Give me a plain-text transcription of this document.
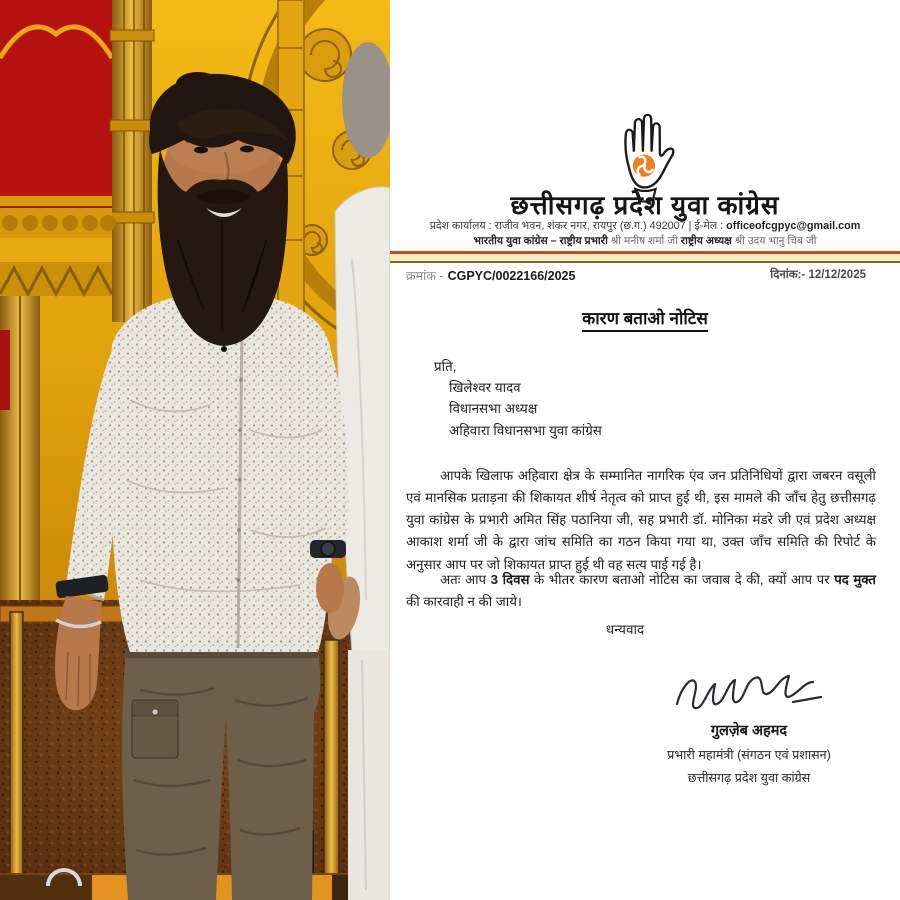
छत्तीसगढ़ प्रदेश युवा कांग्रेस
प्रदेश कार्यालय : राजीव भवन, शंकर नगर, रायपुर (छ.ग.) 492007 | ई-मेल : officeofcgpyc@gmail.com
भारतीय युवा कांग्रेस – राष्ट्रीय प्रभारी श्री मनीष शर्मा जी राष्ट्रीय अध्यक्ष श्री उदय भानु चिब जी
क्रमांक - CGPYC/0022166/2025	दिनांक:- 12/12/2025
कारण बताओ नोटिस
प्रति,
खिलेश्वर यादव
विधानसभा अध्यक्ष
अहिवारा विधानसभा युवा कांग्रेस

आपके खिलाफ अहिवारा क्षेत्र के सम्मानित नागरिक एंव जन प्रतिनिधियों द्वारा जबरन वसूली एवं मानसिक प्रताड़ना की शिकायत शीर्ष नेतृत्व को प्राप्त हुई थी, इस मामले की जाँच हेतु छत्तीसगढ़ युवा कांग्रेस के प्रभारी अमित सिंह पठानिया जी, सह प्रभारी डॉ. मोनिका मंडरे जी एवं प्रदेश अध्यक्ष आकाश शर्मा जी के द्वारा जांच समिति का गठन किया गया था, उक्त जाँच समिति की रिपोर्ट के अनुसार आप पर जो शिकायत प्राप्त हुई थी वह सत्य पाई गई है।

अतः आप 3 दिवस के भीतर कारण बताओ नोटिस का जवाब दे की, क्यों आप पर पद मुक्त की कारवाही न की जाये।

धन्यवाद
गुलज़ेब अहमद
प्रभारी महामंत्री (संगठन एवं प्रशासन)
छत्तीसगढ़ प्रदेश युवा कांग्रेस
